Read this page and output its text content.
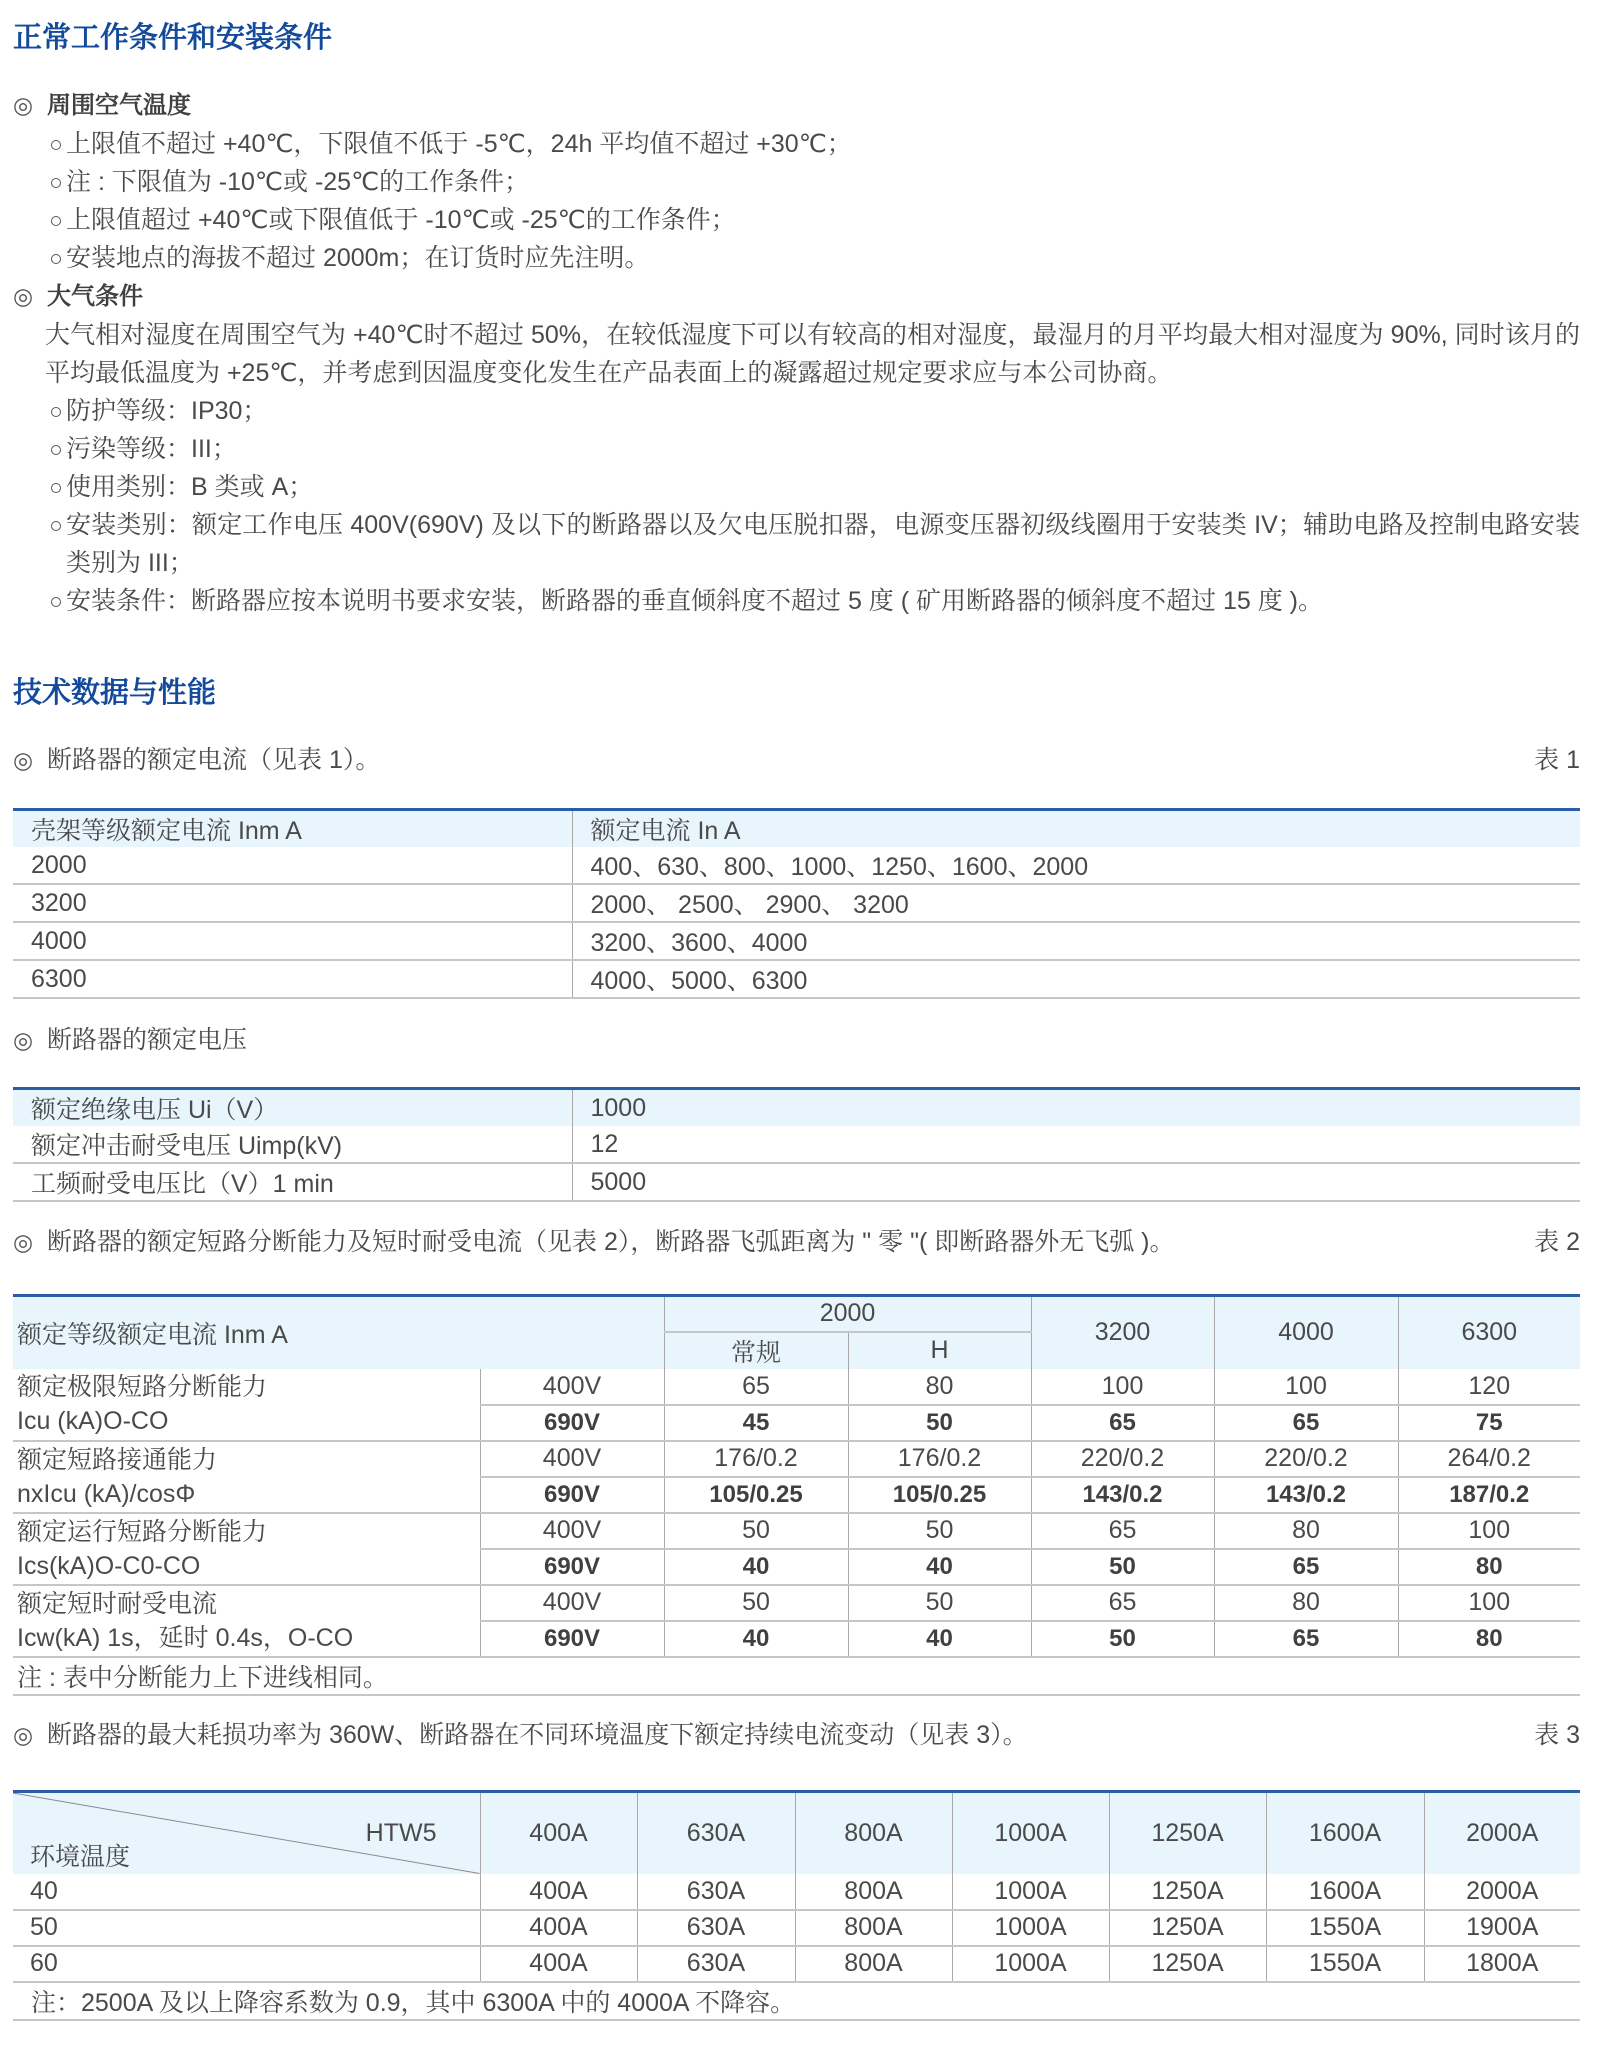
正常工作条件和安装条件
◎周围空气温度
上限值不超过 +40℃，下限值不低于 -5℃，24h 平均值不超过 +30℃；
注 : 下限值为 -10℃或 -25℃的工作条件；
上限值超过 +40℃或下限值低于 -10℃或 -25℃的工作条件；
安装地点的海拔不超过 2000m；在订货时应先注明。
◎大气条件
大气相对湿度在周围空气为 +40℃时不超过 50%，在较低湿度下可以有较高的相对湿度，最湿月的月平均最大相对湿度为 90%, 同时该月的平均最低温度为 +25℃，并考虑到因温度变化发生在产品表面上的凝露超过规定要求应与本公司协商。
防护等级：IP30；
污染等级：III；
使用类别：B 类或 A；
安装类别：额定工作电压 400V(690V) 及以下的断路器以及欠电压脱扣器，电源变压器初级线圈用于安装类 IV；辅助电路及控制电路安装类别为 III；
安装条件：断路器应按本说明书要求安装，断路器的垂直倾斜度不超过 5 度 ( 矿用断路器的倾斜度不超过 15 度 )。
技术数据与性能
◎断路器的额定电流（见表 1）。	表 1
壳架等级额定电流 Inm A	额定电流 In A
2000	400、630、800、1000、1250、1600、2000
3200	2000、 2500、 2900、 3200
4000	3200、3600、4000
6300	4000、5000、6300
◎断路器的额定电压
额定绝缘电压 Ui（V）	1000
额定冲击耐受电压 Uimp(kV)	12
工频耐受电压比（V）1 min	5000
◎断路器的额定短路分断能力及短时耐受电流（见表 2），断路器飞弧距离为 " 零 "( 即断路器外无飞弧 )。	表 2
额定等级额定电流 Inm A		2000		3200	4000	6300
		常规	H			

额定极限短路分断能力
Icu (kA)O-CO	400V	65	80	100	100	120
	690V	45	50	65	65	75

额定短路接通能力
nxIcu (kA)/cosΦ	400V	176/0.2	176/0.2	220/0.2	220/0.2	264/0.2
	690V	105/0.25	105/0.25	143/0.2	143/0.2	187/0.2

额定运行短路分断能力
Ics(kA)O-C0-CO	400V	50	50	65	80	100
	690V	40	40	50	65	80

额定短时耐受电流
Icw(kA) 1s，延时 0.4s，O-CO	400V	50	50	65	80	100
	690V	40	40	50	65	80
注 : 表中分断能力上下进线相同。						
◎断路器的最大耗损功率为 360W、断路器在不同环境温度下额定持续电流变动（见表 3）。	表 3
HTW5
环境温度	400A	630A	800A	1000A	1250A	1600A	2000A
40	400A	630A	800A	1000A	1250A	1600A	2000A
50	400A	630A	800A	1000A	1250A	1550A	1900A
60	400A	630A	800A	1000A	1250A	1550A	1800A
注：2500A 及以上降容系数为 0.9，其中 6300A 中的 4000A 不降容。							
